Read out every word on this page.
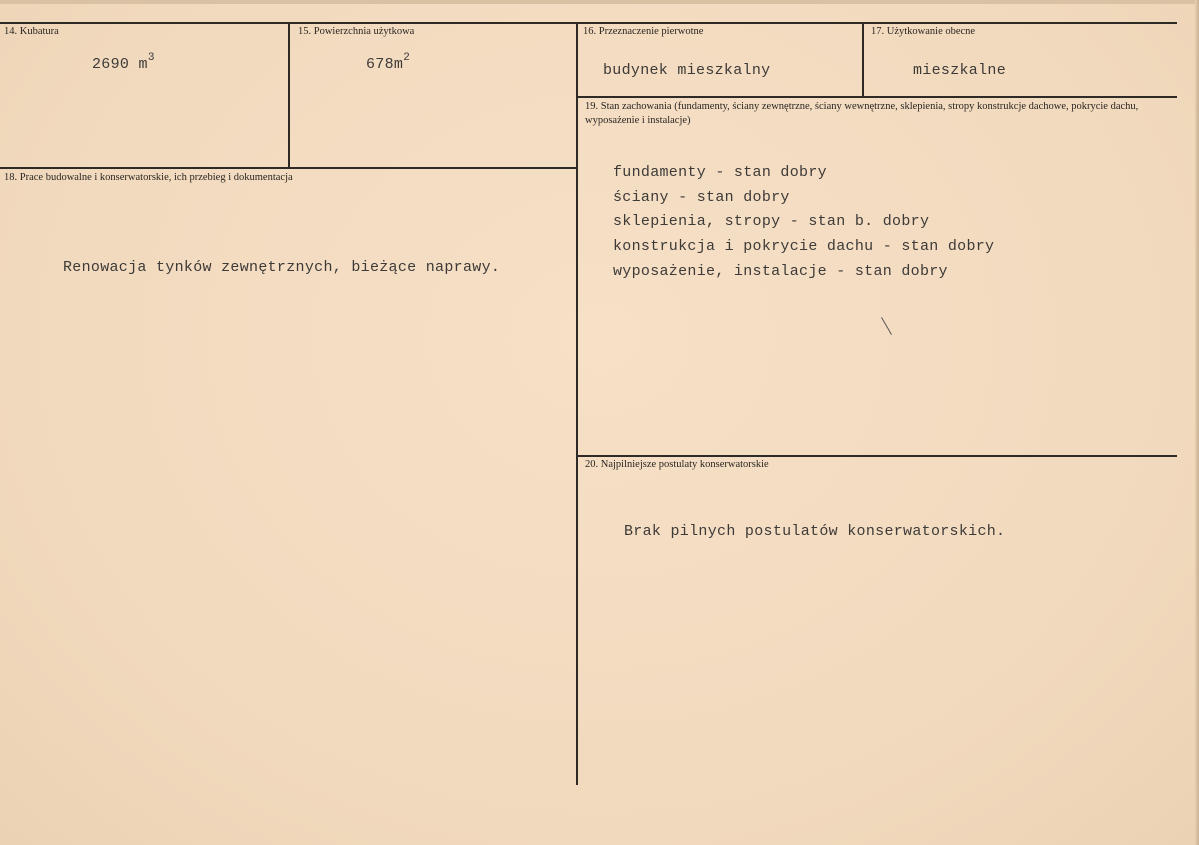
14. Kubatura
2690 $m^3$
15. Powierzchnia użytkowa
$678m^2$
16. Przeznaczenie pierwotne
budynek mieszkalny
17. Użytkowanie obecne
mieszkalne
18. Prace budowalne i konserwatorskie, ich przebieg i dokumentacja
Renowacja tynków zewnętrznych, bieżące naprawy.
19. Stan zachowania (fundamenty, ściany zewnętrzne, ściany wewnętrzne, sklepienia, stropy konstrukcje dachowe, pokrycie dachu, wyposażenie i instalacje)
fundamenty - stan dobry
ściany - stan dobry
sklepienia, stropy - stan b. dobry
konstrukcja i pokrycie dachu - stan dobry
wyposażenie, instalacje - stan dobry
20. Najpilniejsze postulaty konserwatorskie
Brak pilnych postulatów konserwatorskich.
